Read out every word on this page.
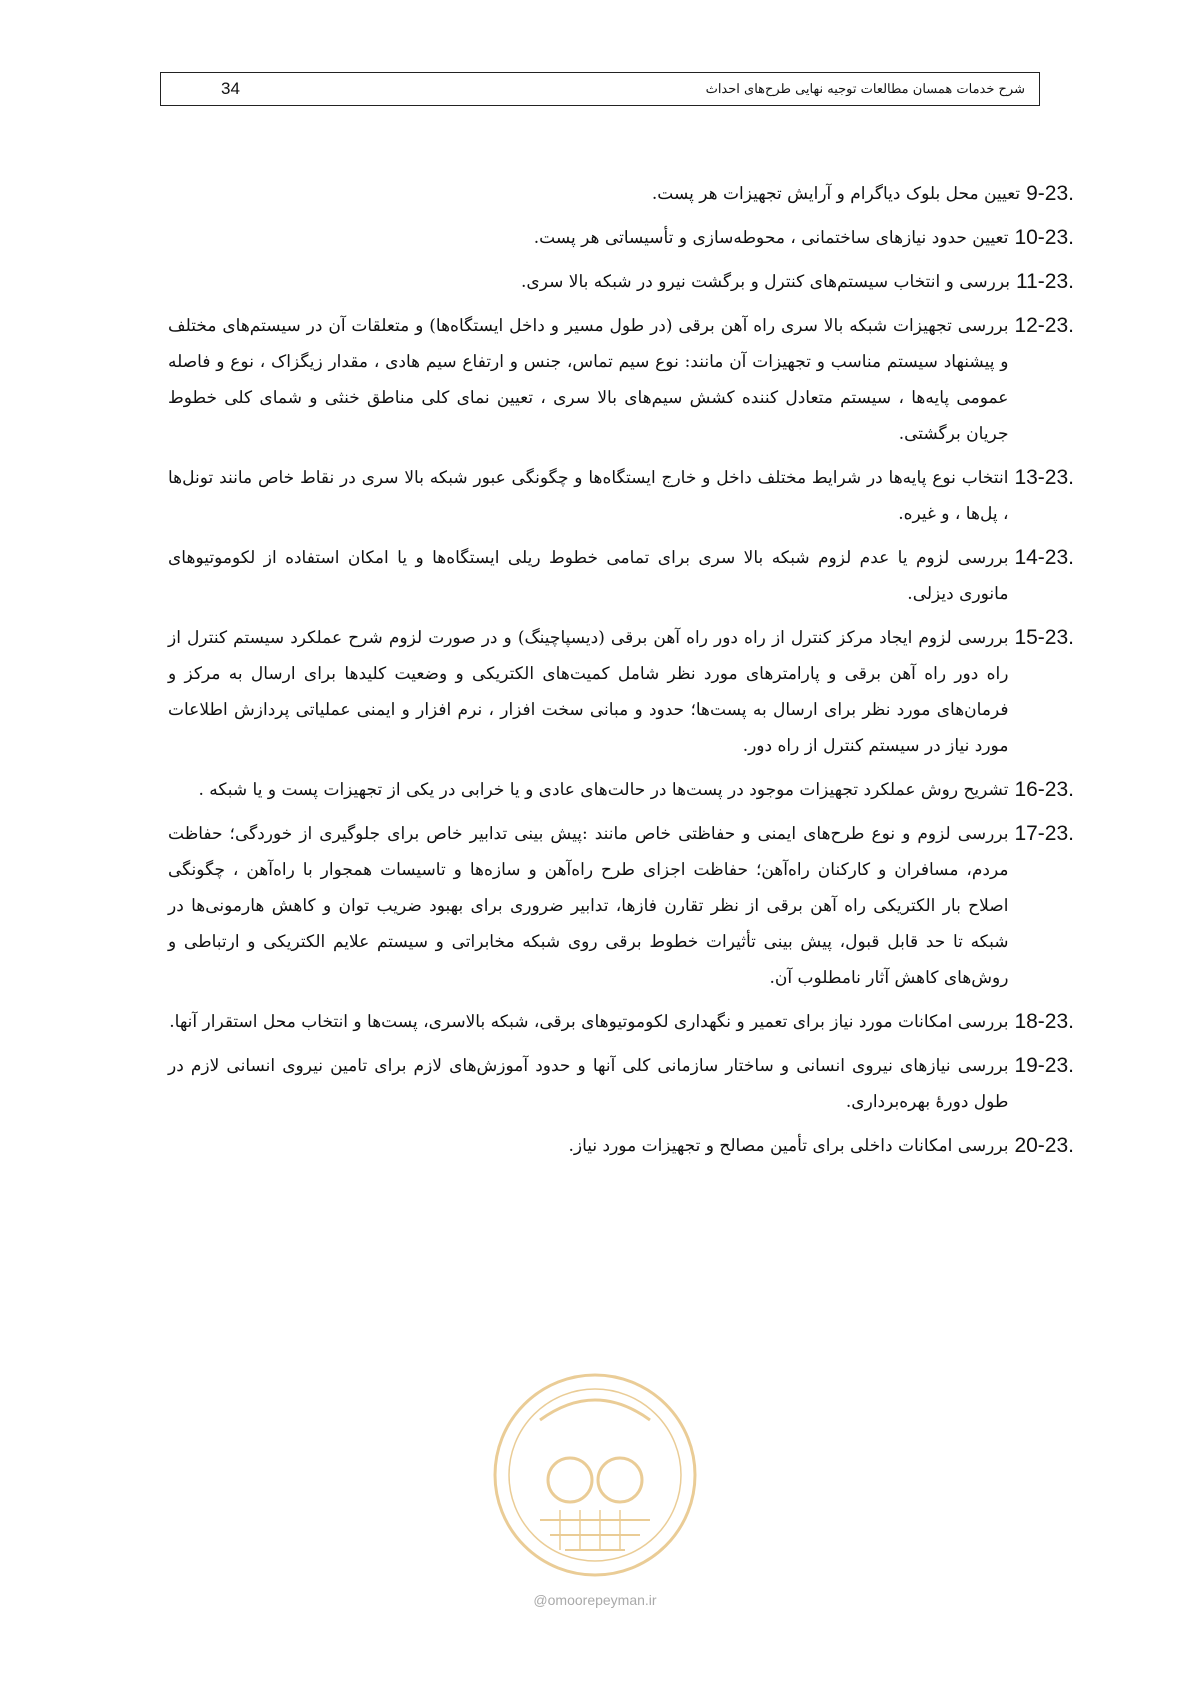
34	شرح خدمات همسان مطالعات توجیه نهایی طرح‌های احداث
9-23.
تعیین محل بلوک دیاگرام و آرایش تجهیزات هر پست.
10-23.
تعیین حدود نیازهای ساختمانی ، محوطه‌سازی و تأسیساتی هر پست.
11-23.
بررسی و انتخاب سیستم‌های کنترل و برگشت نیرو در شبکه بالا سری.
12-23.
بررسی تجهیزات شبکه بالا سری راه آهن برقی (در طول مسیر و داخل ایستگاه‌ها) و متعلقات آن در سیستم‌های مختلف و پیشنهاد سیستم مناسب و تجهیزات آن مانند: نوع سیم تماس، جنس و ارتفاع سیم هادی ، مقدار زیگزاک ، نوع و فاصله عمومی پایه‌ها ، سیستم متعادل کننده کشش سیم‌های بالا سری ، تعیین نمای کلی مناطق خنثی و شمای کلی خطوط جریان برگشتی.
13-23.
انتخاب نوع پایه‌ها در شرایط مختلف داخل و خارج ایستگاه‌ها و چگونگی عبور شبکه بالا سری در نقاط خاص مانند تونل‌ها ، پل‌ها ، و غیره.
14-23.
بررسی لزوم یا عدم لزوم شبکه بالا سری برای تمامی خطوط ریلی ایستگاه‌ها و یا امکان استفاده از لکوموتیوهای مانوری دیزلی.
15-23.
بررسی لزوم ایجاد مرکز کنترل از راه دور راه آهن برقی (دیسپاچینگ) و در صورت لزوم شرح عملکرد سیستم کنترل از راه دور راه آهن برقی و پارامترهای مورد نظر شامل کمیت‌های الکتریکی و وضعیت کلیدها برای ارسال به مرکز و فرمان‌های مورد نظر برای ارسال به پست‌ها؛ حدود و مبانی سخت افزار ، نرم افزار و ایمنی عملیاتی پردازش اطلاعات مورد نیاز در سیستم کنترل از راه دور.
16-23.
تشریح روش عملکرد تجهیزات موجود در پست‌ها در حالت‌های عادی و یا خرابی در یکی از تجهیزات پست و یا شبکه .
17-23.
بررسی لزوم و نوع طرح‌های ایمنی و حفاظتی خاص مانند :پیش بینی تدابیر خاص برای جلوگیری از خوردگی؛ حفاظت مردم، مسافران و کارکنان راه‌آهن؛ حفاظت اجزای طرح راه‌آهن و سازه‌ها و تاسیسات همجوار با راه‌آهن ، چگونگی اصلاح بار الکتریکی راه آهن برقی از نظر تقارن فازها، تدابیر ضروری برای بهبود ضریب توان و کاهش هارمونی‌ها در شبکه تا حد قابل قبول، پیش بینی تأثیرات خطوط برقی روی شبکه مخابراتی و سیستم علایم الکتریکی و ارتباطی و روش‌های کاهش آثار نامطلوب آن.
18-23.
بررسی امکانات مورد نیاز برای تعمیر و نگهداری لکوموتیوهای برقی، شبکه بالاسری، پست‌ها و انتخاب محل استقرار آنها.
19-23.
بررسی نیازهای نیروی انسانی و ساختار سازمانی کلی آنها و حدود آموزش‌های لازم برای تامین نیروی انسانی لازم در طول دورهٔ بهره‌برداری.
20-23.
بررسی امکانات داخلی برای تأمین مصالح و تجهیزات مورد نیاز.
@omoorepeyman.ir
